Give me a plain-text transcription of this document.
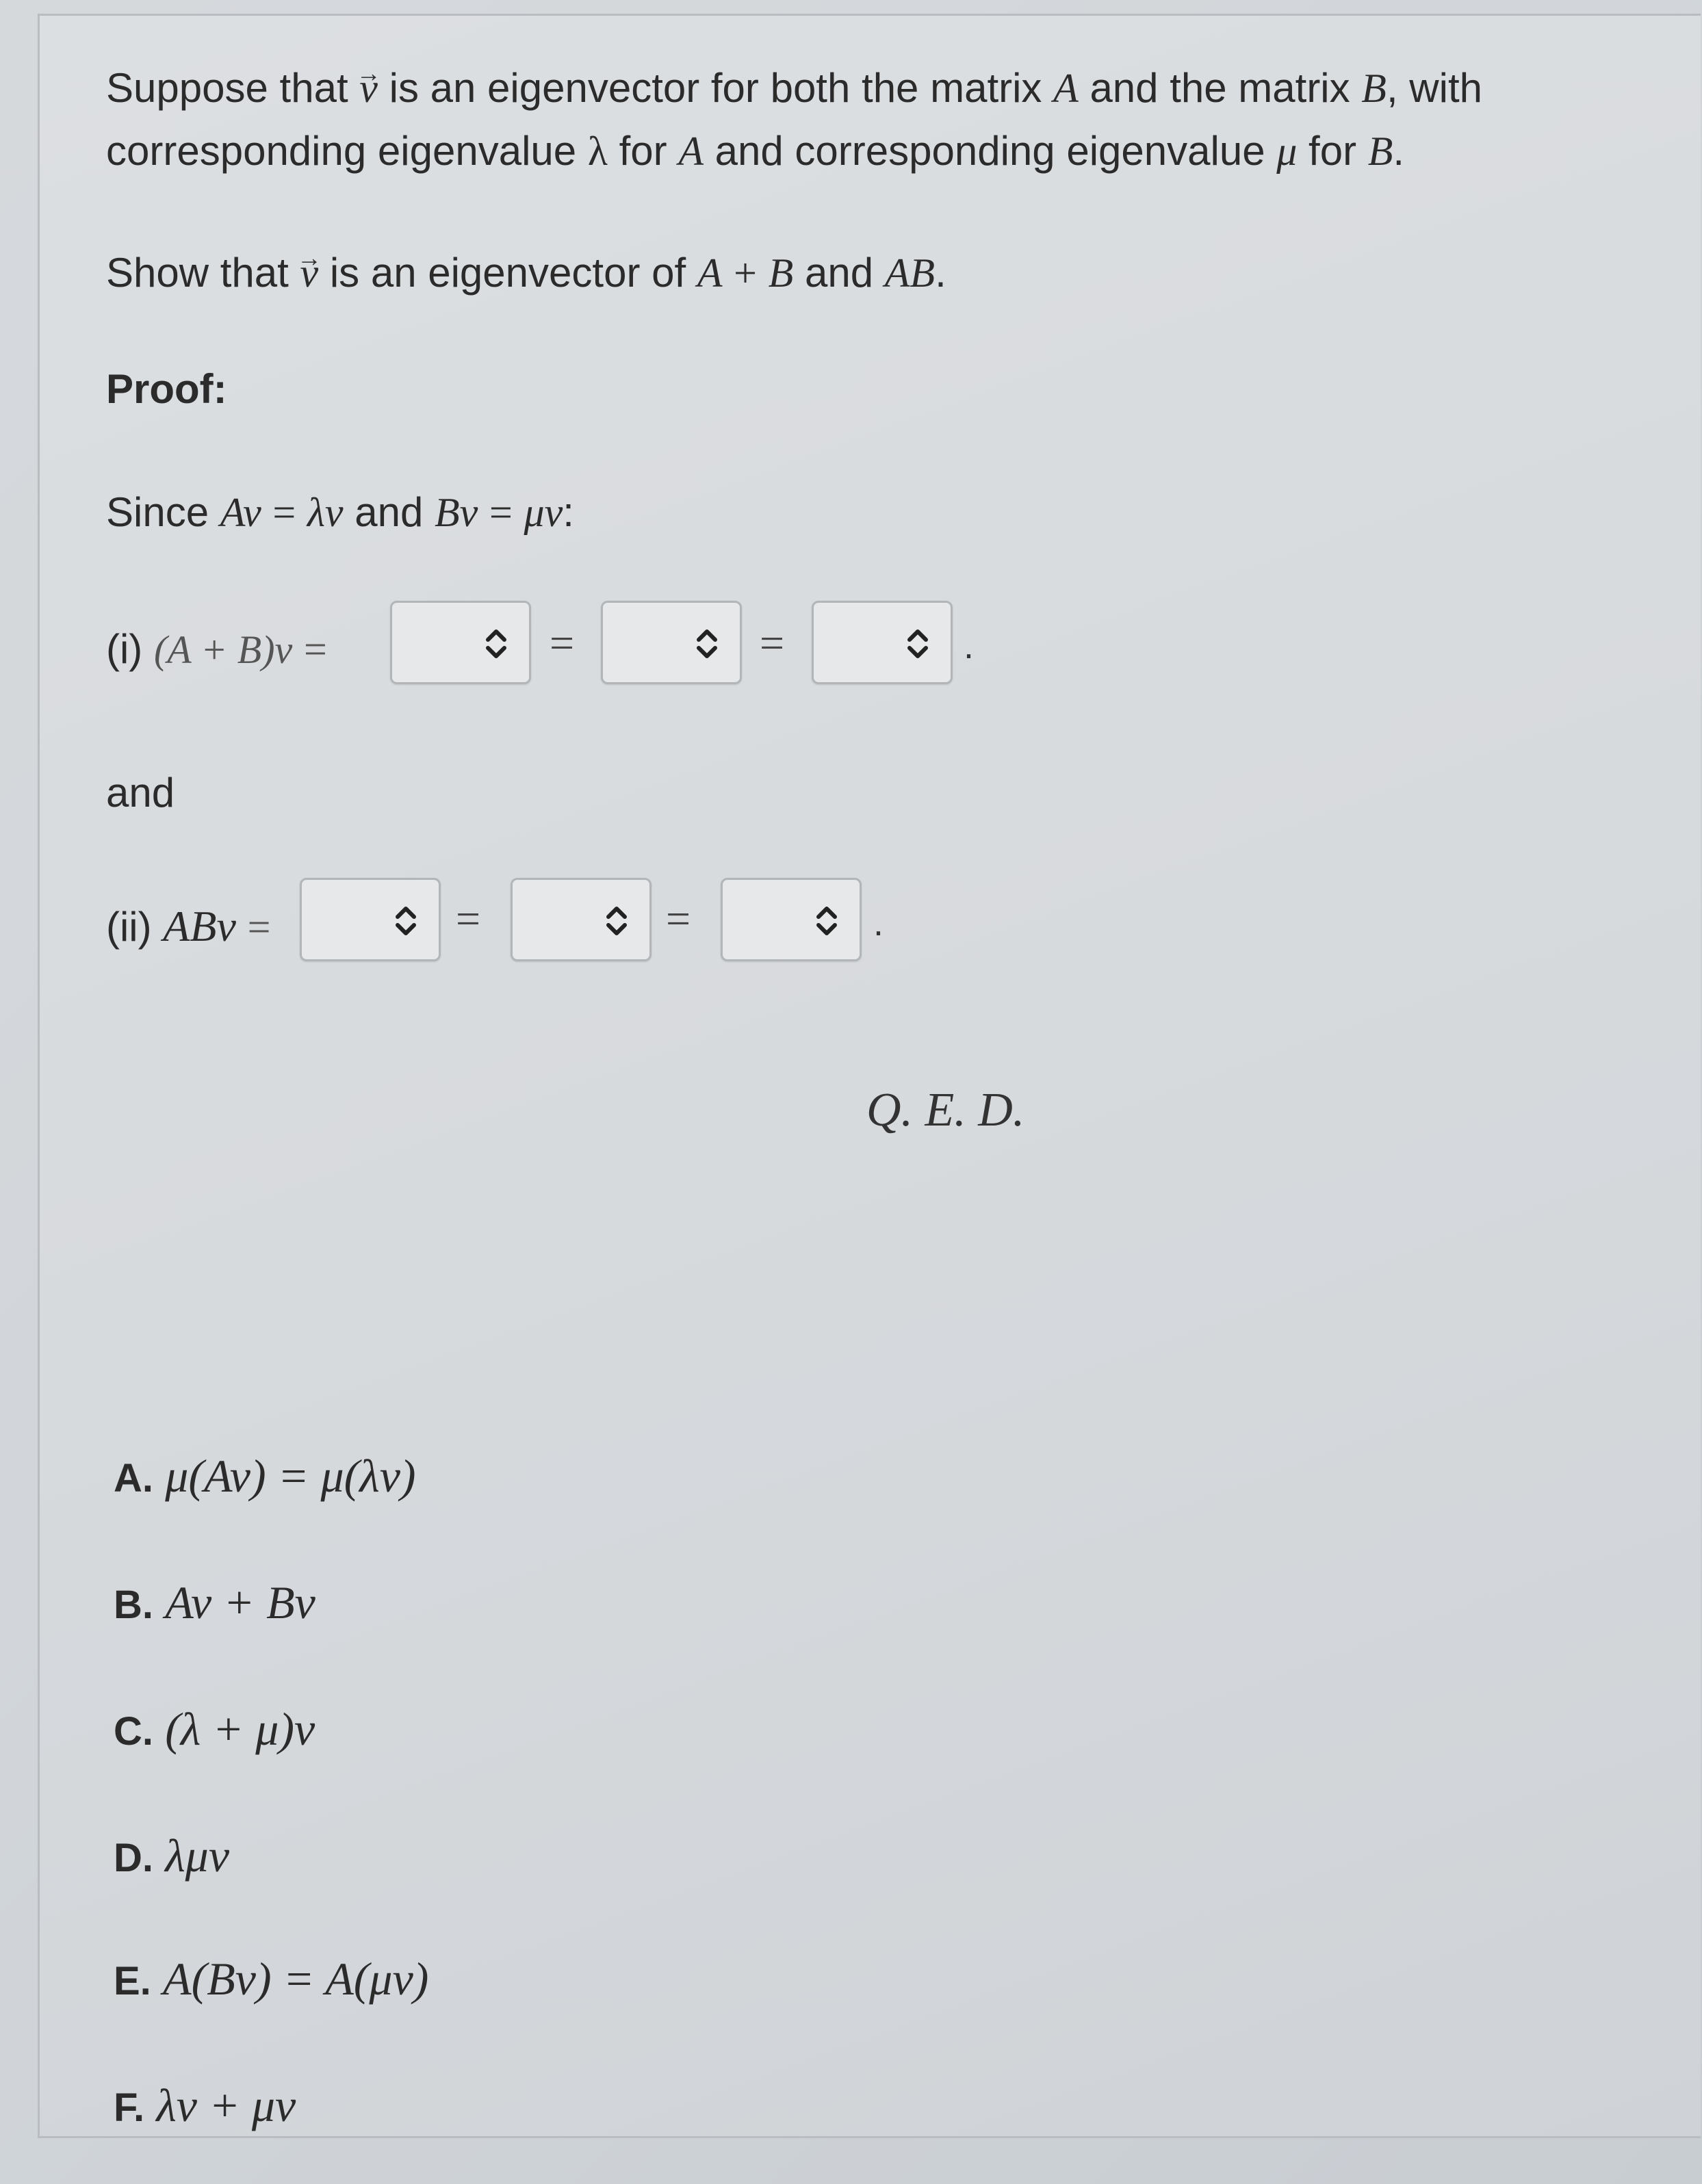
Suppose that → v is an eigenvector for both the matrix A and the matrix B, with
corresponding eigenvalue λ for A and corresponding eigenvalue μ for B.
Show that → v is an eigenvector of A + B and AB.
Proof:
Since Av = λv and Bv = μv:
(i) (A + B)v =	=	=	.
and
(ii) ABv =	=	=	.
Q. E. D.
A. μ(Av) = μ(λv)
B. Av + Bv
C. (λ + μ)v
D. λμv
E. A(Bv) = A(μv)
F. λv + μv
